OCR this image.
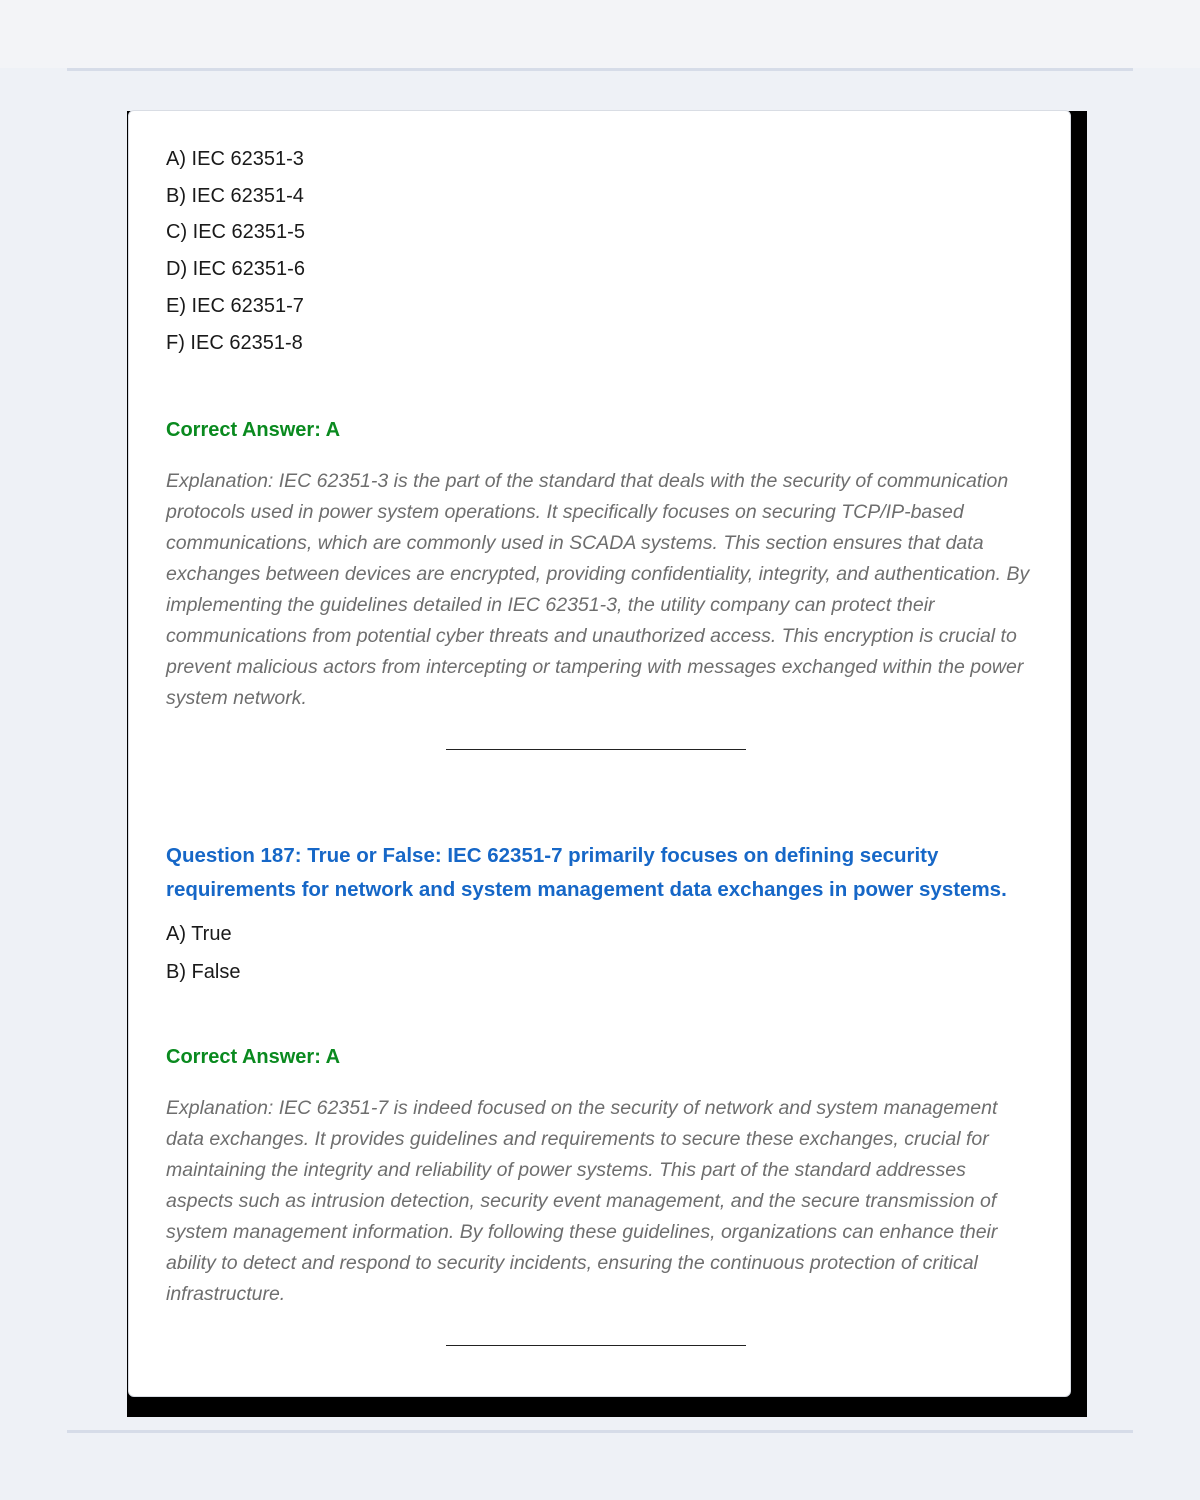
A) IEC 62351-3
B) IEC 62351-4
C) IEC 62351-5
D) IEC 62351-6
E) IEC 62351-7
F) IEC 62351-8
Correct Answer: A

Explanation: IEC 62351-3 is the part of the standard that deals with the security of communication protocols used in power system operations. It specifically focuses on securing TCP/IP-based communications, which are commonly used in SCADA systems. This section ensures that data exchanges between devices are encrypted, providing confidentiality, integrity, and authentication. By implementing the guidelines detailed in IEC 62351-3, the utility company can protect their communications from potential cyber threats and unauthorized access. This encryption is crucial to prevent malicious actors from intercepting or tampering with messages exchanged within the power system network.

Question 187: True or False: IEC 62351-7 primarily focuses on defining security requirements for network and system management data exchanges in power systems.

A) True
B) False
Correct Answer: A

Explanation: IEC 62351-7 is indeed focused on the security of network and system management data exchanges. It provides guidelines and requirements to secure these exchanges, crucial for maintaining the integrity and reliability of power systems. This part of the standard addresses aspects such as intrusion detection, security event management, and the secure transmission of system management information. By following these guidelines, organizations can enhance their ability to detect and respond to security incidents, ensuring the continuous protection of critical infrastructure.
